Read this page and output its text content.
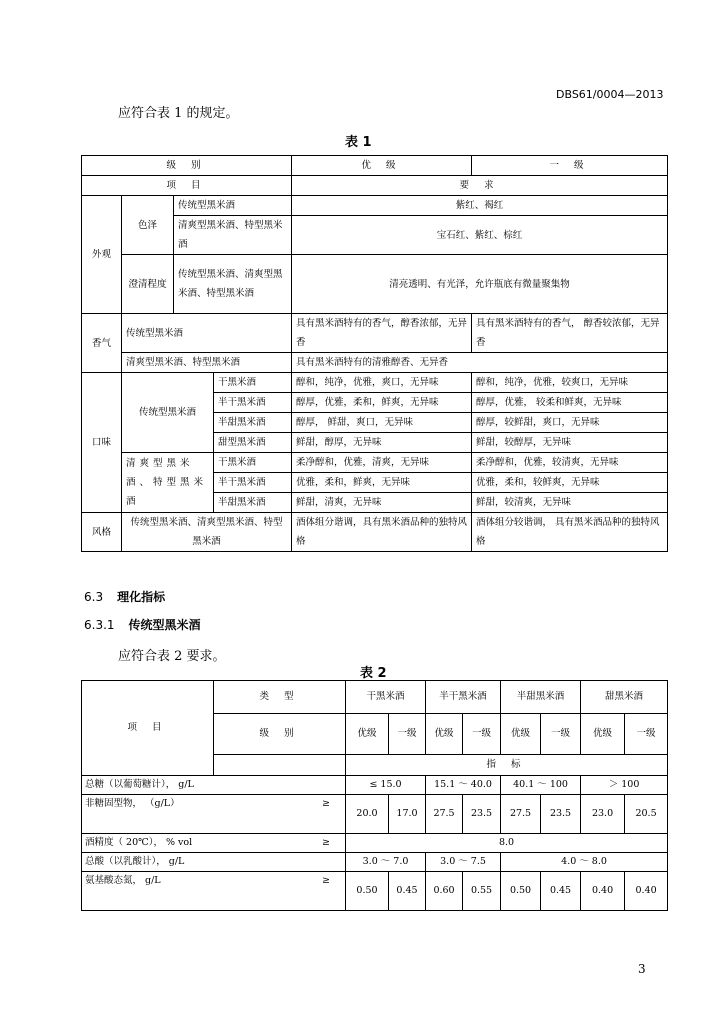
DBS61/0004—2013
应符合表 1 的规定。
表 1
级 别				优 级	一 级
项 目				要 求	
外观	色泽	传统型黑米酒		紫红、褐红	
		清爽型黑米酒、特型黑米酒		宝石红、紫红、棕红	
	澄清程度	传统型黑米酒、清爽型黑米酒、特型黑米酒		清亮透明、有光泽，允许瓶底有微量聚集物	

香气	传统型黑米酒			具有黑米酒特有的香气，醇香浓郁，无异香	具有黑米酒特有的香气， 醇香较浓郁，无异香
	清爽型黑米酒、特型黑米酒			具有黑米酒特有的清雅醇香、无异香	
口味	传统型黑米酒		干黑米酒	醇和，纯净，优雅，爽口，无异味	醇和，纯净，优雅，较爽口，无异味
			半干黑米酒	醇厚，优雅，柔和，鲜爽，无异味	醇厚，优雅， 较柔和鲜爽，无异味
			半甜黑米酒	醇厚， 鲜甜，爽口，无异味	醇厚，较鲜甜，爽口，无异味
			甜型黑米酒	鲜甜，醇厚，无异味	鲜甜，较醇厚，无异味
	清爽型黑米酒、特型黑米酒		干黑米酒	柔净醇和，优雅，清爽，无异味	柔净醇和，优雅，较清爽，无异味
			半干黑米酒	优雅，柔和，鲜爽，无异味	优雅，柔和，较鲜爽，无异味
			半甜黑米酒	鲜甜，清爽，无异味	鲜甜，较清爽，无异味
风格	传统型黑米酒、清爽型黑米酒、特型黑米酒			酒体组分谐调，具有黑米酒品种的独特风格	酒体组分较谐调， 具有黑米酒品种的独特风格
6.3 理化指标
6.3.1 传统型黑米酒
应符合表 2 要求。
表 2
项 目	类 型	干黑米酒		半干黑米酒		半甜黑米酒		甜黑米酒	
	级 别	优级	一级	优级	一级	优级	一级	优级	一级
		指 标							
总糖（以葡萄糖计）， g/L		≤ 15.0		15.1 ～ 40.0		40.1 ～ 100		＞ 100	
非糖固型物， （g/L） ≥		20.0	17.0	27.5	23.5	27.5	23.5	23.0	20.5
酒精度（ 20℃）， % vol ≥		8.0							
总酸（以乳酸计）， g/L		3.0 ～ 7.0		3.0 ～ 7.5		4.0 ～ 8.0			
氨基酸态氮， g/L ≥		0.50	0.45	0.60	0.55	0.50	0.45	0.40	0.40
3
